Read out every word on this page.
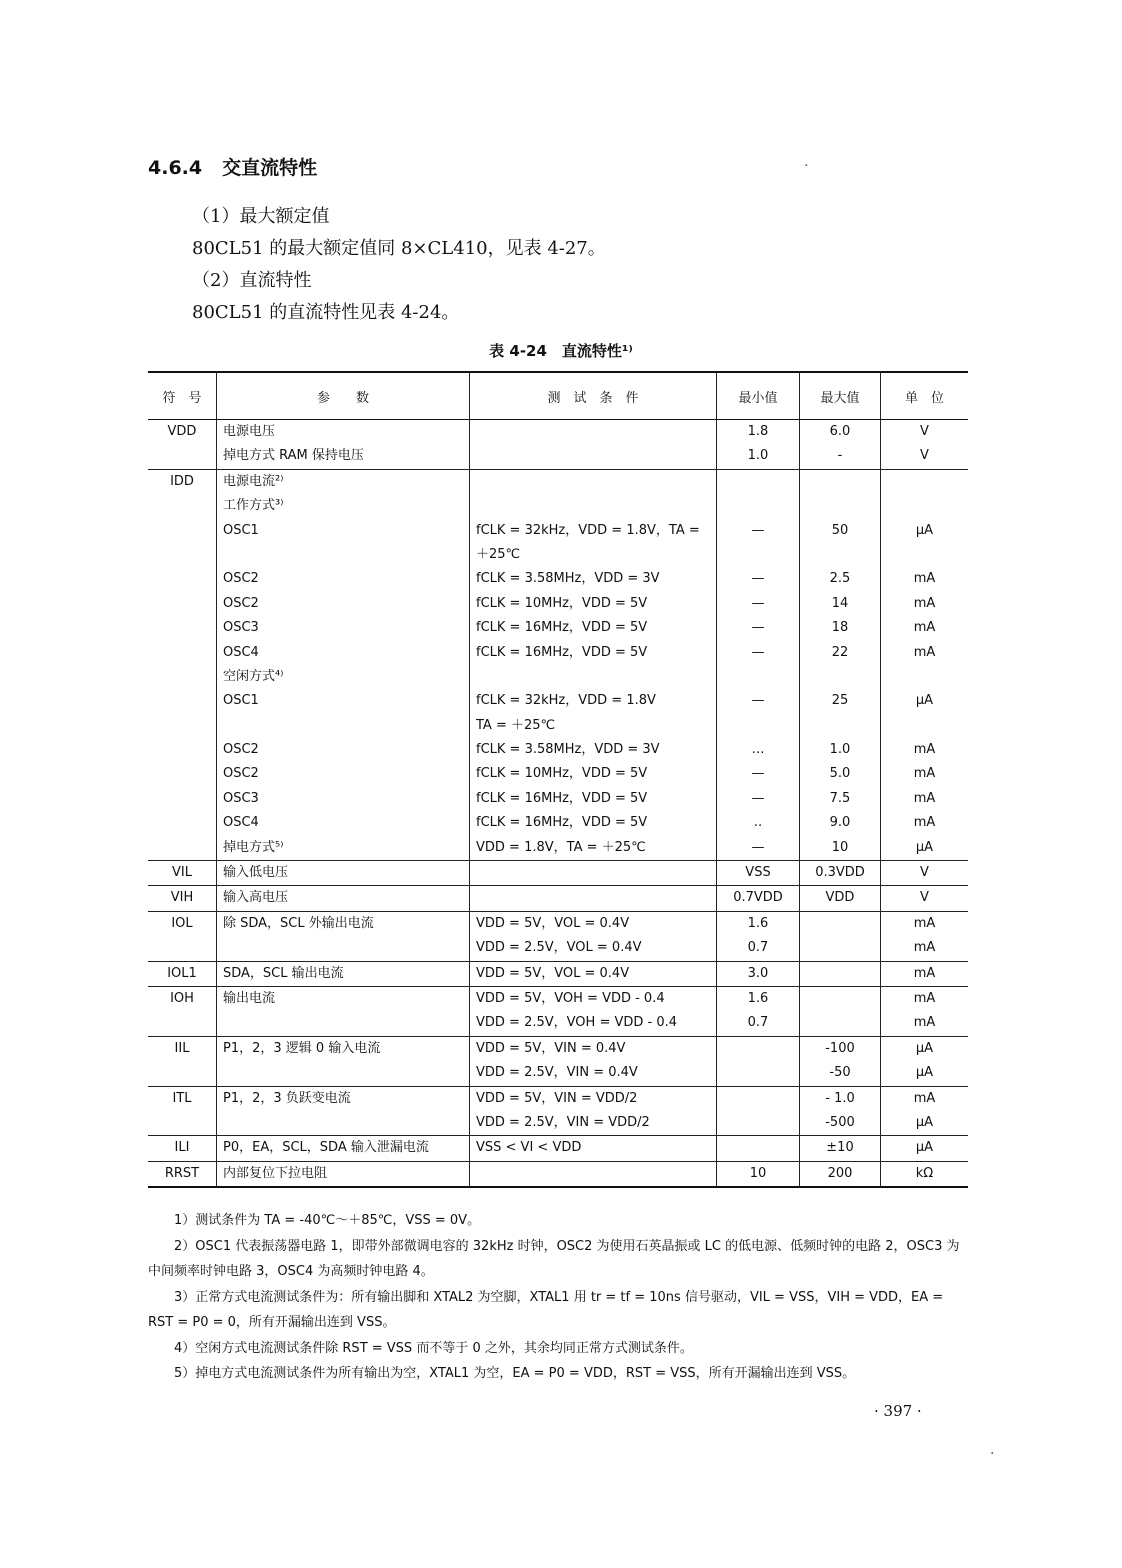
4.6.4 交直流特性
（1）最大额定值
80CL51 的最大额定值同 8×CL410，见表 4-27。
（2）直流特性
80CL51 的直流特性见表 4-24。
表 4-24　直流特性¹⁾
符　号	参　　数	测　试　条　件	最小值	最大值	单　位
VDD	电源电压		1.8	6.0	V
	掉电方式 RAM 保持电压		1.0	-	V
IDD	电源电流²⁾				
	工作方式³⁾				
	OSC1	fCLK = 32kHz，VDD = 1.8V，TA =	—	50	μA
		＋25℃			
	OSC2	fCLK = 3.58MHz，VDD = 3V	—	2.5	mA
	OSC2	fCLK = 10MHz，VDD = 5V	—	14	mA
	OSC3	fCLK = 16MHz，VDD = 5V	—	18	mA
	OSC4	fCLK = 16MHz，VDD = 5V	—	22	mA
	空闲方式⁴⁾				
	OSC1	fCLK = 32kHz，VDD = 1.8V	—	25	μA
		TA = ＋25℃			
	OSC2	fCLK = 3.58MHz，VDD = 3V	…	1.0	mA
	OSC2	fCLK = 10MHz，VDD = 5V	—	5.0	mA
	OSC3	fCLK = 16MHz，VDD = 5V	—	7.5	mA
	OSC4	fCLK = 16MHz，VDD = 5V	..	9.0	mA
	掉电方式⁵⁾	VDD = 1.8V，TA = ＋25℃	—	10	μA
VIL	输入低电压		VSS	0.3VDD	V
VIH	输入高电压		0.7VDD	VDD	V
IOL	除 SDA，SCL 外输出电流	VDD = 5V，VOL = 0.4V	1.6		mA
		VDD = 2.5V，VOL = 0.4V	0.7		mA
IOL1	SDA，SCL 输出电流	VDD = 5V，VOL = 0.4V	3.0		mA
IOH	输出电流	VDD = 5V，VOH = VDD - 0.4	1.6		mA
		VDD = 2.5V，VOH = VDD - 0.4	0.7		mA
IIL	P1，2，3 逻辑 0 输入电流	VDD = 5V，VIN = 0.4V		-100	μA
		VDD = 2.5V，VIN = 0.4V		-50	μA
ITL	P1，2，3 负跃变电流	VDD = 5V，VIN = VDD/2		- 1.0	mA
		VDD = 2.5V，VIN = VDD/2		-500	μA
ILI	P0，EA，SCL，SDA 输入泄漏电流	VSS < VI < VDD		±10	μA
RRST	内部复位下拉电阻		10	200	kΩ

1）测试条件为 TA = -40℃～＋85℃，VSS = 0V。

2）OSC1 代表振荡器电路 1，即带外部微调电容的 32kHz 时钟，OSC2 为使用石英晶振或 LC 的低电源、低频时钟的电路 2，OSC3 为中间频率时钟电路 3，OSC4 为高频时钟电路 4。

3）正常方式电流测试条件为：所有输出脚和 XTAL2 为空脚，XTAL1 用 tr = tf = 10ns 信号驱动，VIL = VSS，VIH = VDD，EA = RST = P0 = 0，所有开漏输出连到 VSS。

4）空闲方式电流测试条件除 RST = VSS 而不等于 0 之外，其余均同正常方式测试条件。

5）掉电方式电流测试条件为所有输出为空，XTAL1 为空，EA = P0 = VDD，RST = VSS，所有开漏输出连到 VSS。

· 397 ·
·
·
